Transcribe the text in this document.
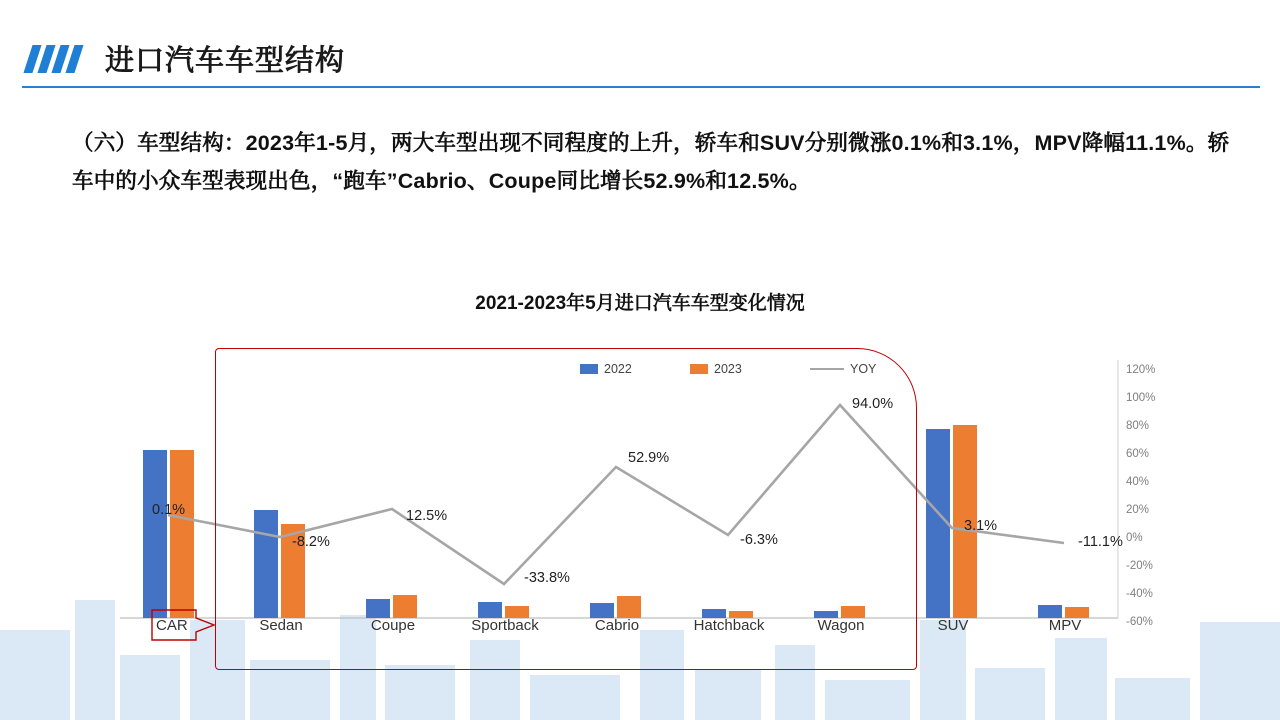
进口汽车车型结构
（六）车型结构：2023年1-5月，两大车型出现不同程度的上升，轿车和SUV分别微涨0.1%和3.1%，MPV降幅11.1%。轿车中的小众车型表现出色，“跑车”Cabrio、Coupe同比增长52.9%和12.5%。
2021-2023年5月进口汽车车型变化情况
2022	2023	YOY
CAR	Sedan	Coupe	Sportback	Cabrio	Hatchback	Wagon	SUV	MPV
120%
100%
80%
60%
40%
20%
0%
-20%
-40%
-60%
0.1%
-8.2%
12.5%
-33.8%
52.9%
-6.3%
94.0%
3.1%
-11.1%
